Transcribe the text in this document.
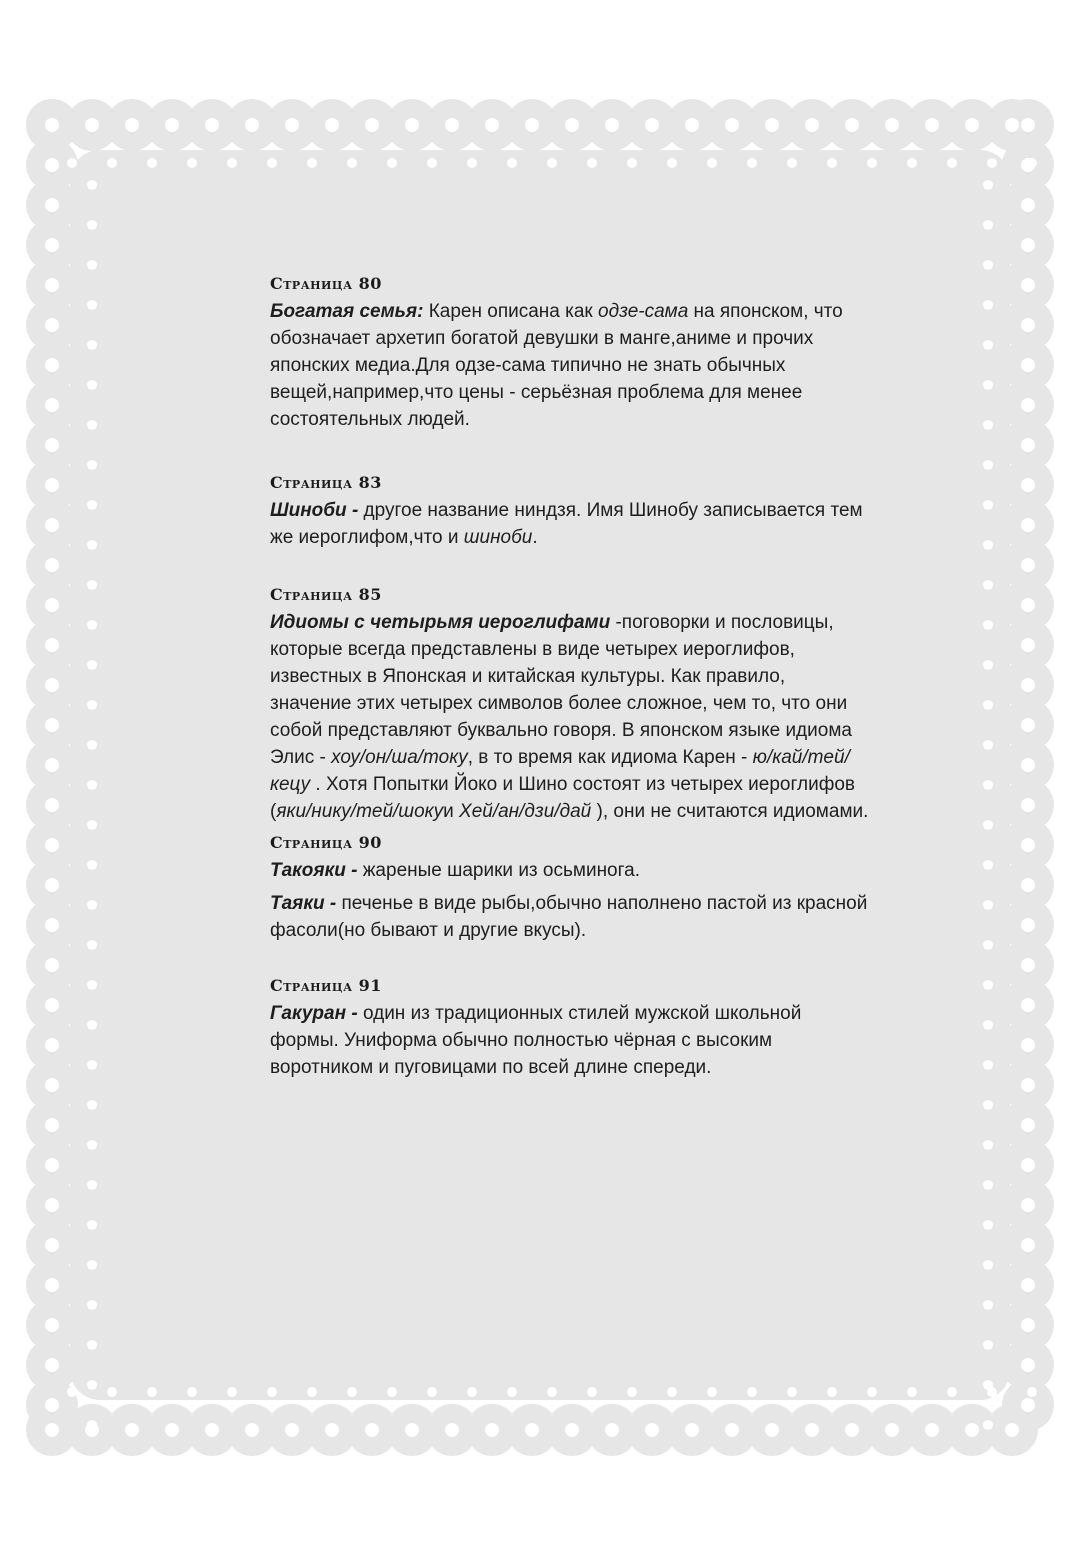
Страница 80

Богатая семья: Карен описана как одзе-сама на японском, что обозначает архетип богатой девушки в манге,аниме и прочих японских медиа.Для одзе-сама типично не знать обычных вещей,например,что цены - серьёзная проблема для менее состоятельных людей.

Страница 83

Шиноби - другое название ниндзя. Имя Шинобу записывается тем же иероглифом,что и шиноби.

Страница 85

Идиомы с четырьмя иероглифами -поговорки и пословицы, которые всегда представлены в виде четырех иероглифов, известных в Японская и китайская культуры. Как правило, значение этих четырех символов более сложное, чем то, что они собой представляют буквально говоря. В японском языке идиома Элис - хоу/он/ша/току, в то время как идиома Карен - ю/кай/тей/кецу . Хотя Попытки Йоко и Шино состоят из четырех иероглифов (яки/нику/тей/шокуи Хей/ан/дзи/дай ), они не считаются идиомами.

Страница 90

Такояки - жареные шарики из осьминога.

Таяки - печенье в виде рыбы,обычно наполнено пастой из красной фасоли(но бывают и другие вкусы).

Страница 91

Гакуран - один из традиционных стилей мужской школьной формы. Униформа обычно полностью чёрная с высоким воротником и пуговицами по всей длине спереди.
